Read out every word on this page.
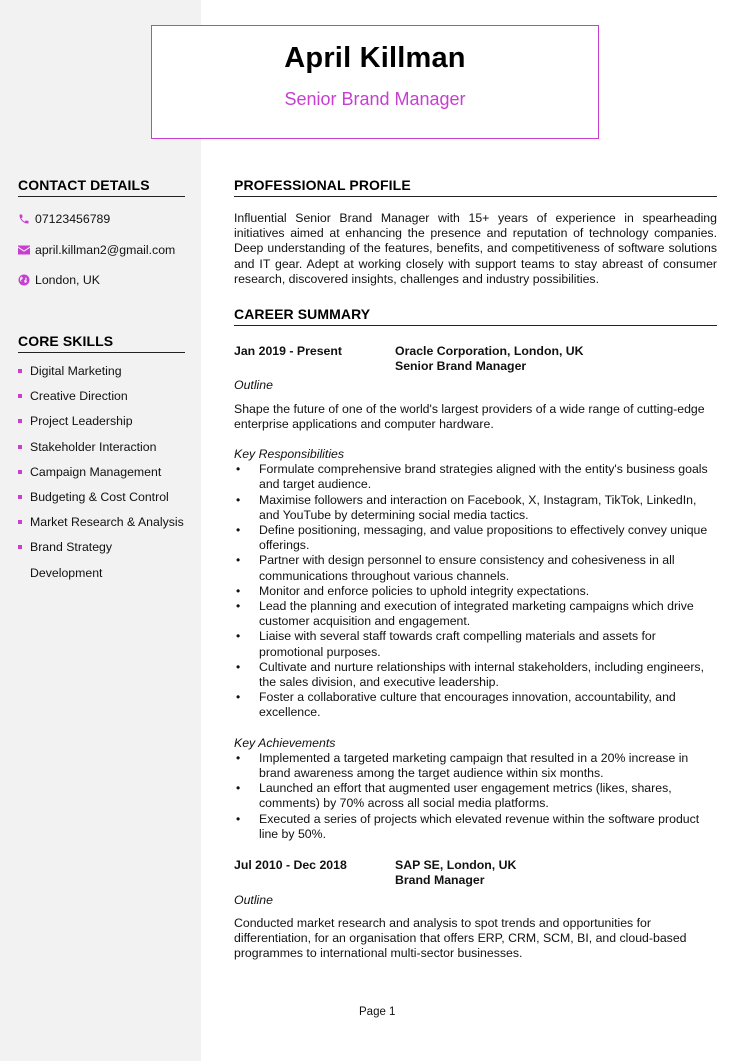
April Killman
Senior Brand Manager
CONTACT DETAILS
07123456789
april.killman2@gmail.com
London, UK
CORE SKILLS
Digital Marketing
Creative Direction
Project Leadership
Stakeholder Interaction
Campaign Management
Budgeting & Cost Control
Market Research & Analysis
Brand Strategy Development
PROFESSIONAL PROFILE
Influential Senior Brand Manager with 15+ years of experience in spearheading initiatives aimed at enhancing the presence and reputation of technology companies. Deep understanding of the features, benefits, and competitiveness of software solutions and IT gear. Adept at working closely with support teams to stay abreast of consumer research, discovered insights, challenges and industry possibilities.
CAREER SUMMARY
Jan 2019 - Present	Oracle Corporation, London, UK
Senior Brand Manager
Outline
Shape the future of one of the world's largest providers of a wide range of cutting-edge enterprise applications and computer hardware.
Key Responsibilities
• Formulate comprehensive brand strategies aligned with the entity's business goals and target audience.
• Maximise followers and interaction on Facebook, X, Instagram, TikTok, LinkedIn, and YouTube by determining social media tactics.
• Define positioning, messaging, and value propositions to effectively convey unique offerings.
• Partner with design personnel to ensure consistency and cohesiveness in all communications throughout various channels.
• Monitor and enforce policies to uphold integrity expectations.
• Lead the planning and execution of integrated marketing campaigns which drive customer acquisition and engagement.
• Liaise with several staff towards craft compelling materials and assets for promotional purposes.
• Cultivate and nurture relationships with internal stakeholders, including engineers, the sales division, and executive leadership.
• Foster a collaborative culture that encourages innovation, accountability, and excellence.
Key Achievements
• Implemented a targeted marketing campaign that resulted in a 20% increase in brand awareness among the target audience within six months.
• Launched an effort that augmented user engagement metrics (likes, shares, comments) by 70% across all social media platforms.
• Executed a series of projects which elevated revenue within the software product line by 50%.
Jul 2010 - Dec 2018	SAP SE, London, UK
Brand Manager
Outline
Conducted market research and analysis to spot trends and opportunities for differentiation, for an organisation that offers ERP, CRM, SCM, BI, and cloud-based programmes to international multi-sector businesses.
Page 1
